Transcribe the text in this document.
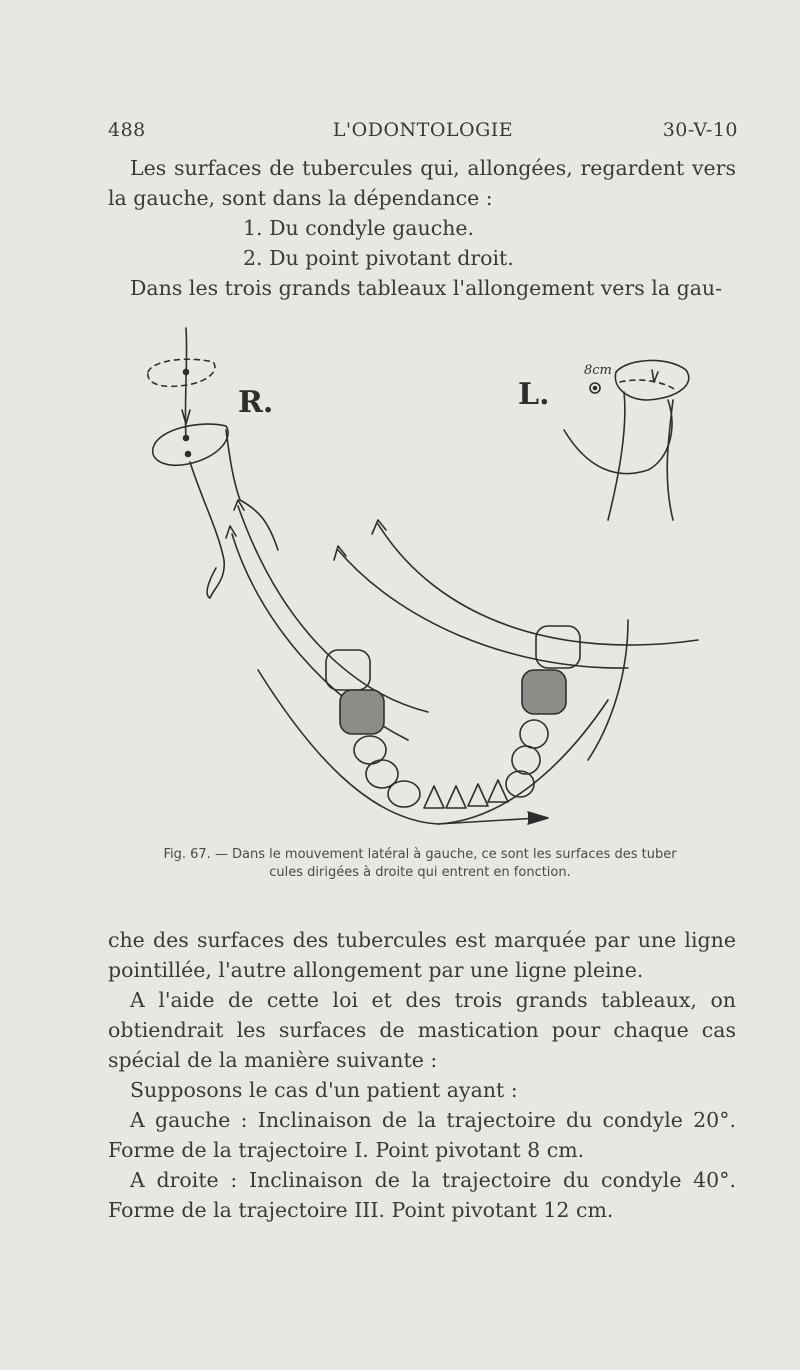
488	L'ODONTOLOGIE	30-V-10

Les surfaces de tubercules qui, allongées, regardent vers la gauche, sont dans la dépendance :

1. Du condyle gauche.

2. Du point pivotant droit.

Dans les trois grands tableaux l'allongement vers la gau-

R.	L.
8cm
Fig. 67. — Dans le mouvement latéral à gauche, ce sont les surfaces des tuber
cules dirigées à droite qui entrent en fonction.

che des surfaces des tubercules est marquée par une ligne pointillée, l'autre allongement par une ligne pleine.

A l'aide de cette loi et des trois grands tableaux, on obtiendrait les surfaces de mastication pour chaque cas spécial de la manière suivante :

Supposons le cas d'un patient ayant :

A gauche : Inclinaison de la trajectoire du condyle 20°. Forme de la trajectoire I. Point pivotant 8 cm.

A droite : Inclinaison de la trajectoire du condyle 40°. Forme de la trajectoire III. Point pivotant 12 cm.
